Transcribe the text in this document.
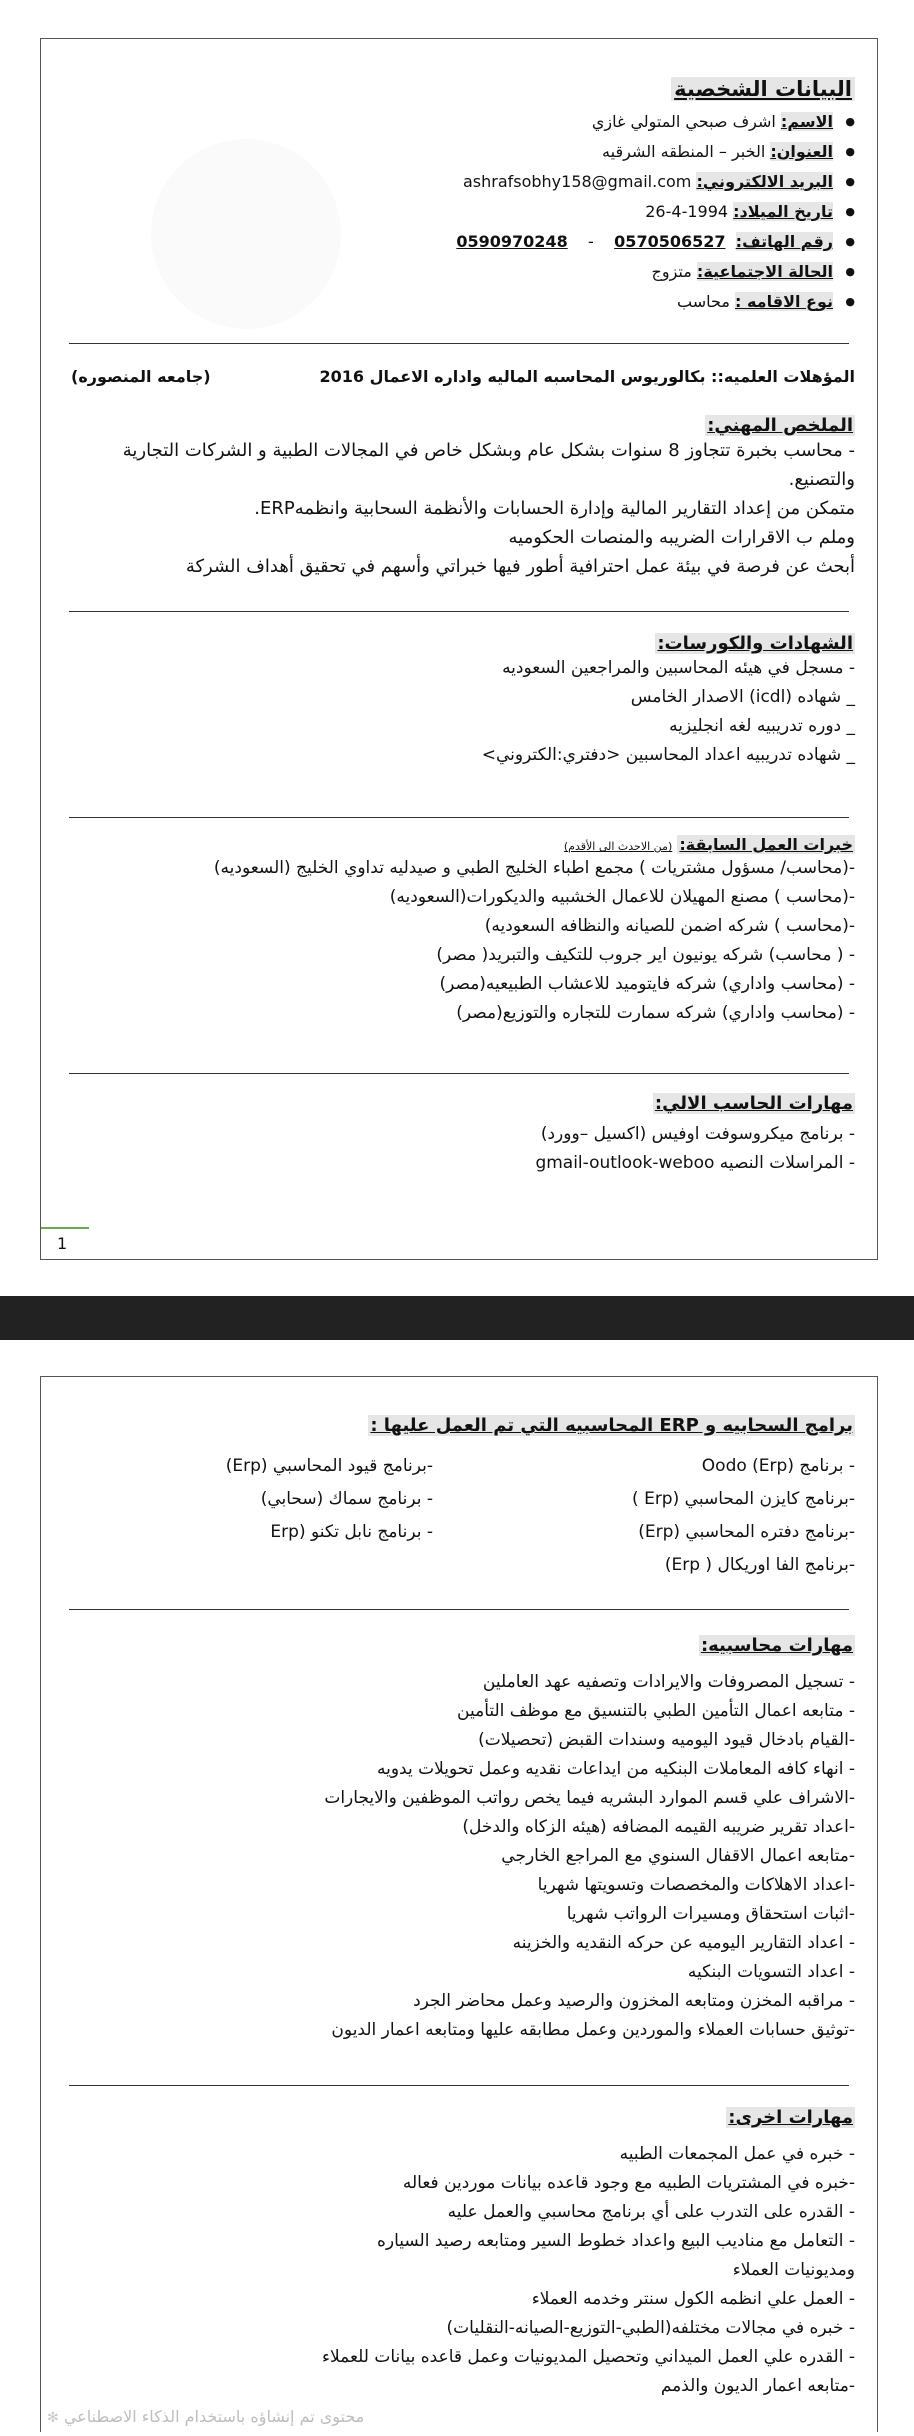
البيانات الشخصية
● الاسم: اشرف صبحي المتولي غازي
● العنوان: الخبر – المنطقه الشرقيه
● البريد الالكتروني: ashrafsobhy158@gmail.com
● تاريخ الميلاد: 1994-4-26
● رقم الهاتف:  0570506527    -    0590970248
● الحالة الاجتماعية: متزوج
● نوع الاقامه : محاسب
المؤهلات العلميه:: بكالوريوس المحاسبه الماليه واداره الاعمال 2016
(جامعه المنصوره)
الملخص المهني:
- محاسب بخبرة تتجاوز 8 سنوات بشكل عام وبشكل خاص في المجالات الطبية و الشركات التجارية والتصنيع.
متمكن من إعداد التقارير المالية وإدارة الحسابات والأنظمة السحابية وانظمهERP.
وملم ب الاقرارات الضريبه والمنصات الحكوميه
أبحث عن فرصة في بيئة عمل احترافية أطور فيها خبراتي وأسهم في تحقيق أهداف الشركة
الشهادات والكورسات:
- مسجل في هيئه المحاسبين والمراجعين السعوديه
_ شهاده (icdl) الاصدار الخامس
_ دوره تدريبيه لغه انجليزيه
_ شهاده تدريبيه اعداد المحاسبين <دفتري:الكتروني>
خبرات العمل السابقة: (من الاحدث الى الأقدم)
-(محاسب/ مسؤول مشتريات ) مجمع اطباء الخليج الطبي و صيدليه تداوي الخليج (السعوديه)
-(محاسب ) مصنع المهيلان للاعمال الخشبيه والديكورات(السعوديه)
-(محاسب ) شركه اضمن للصيانه والنظافه السعوديه)
- ( محاسب) شركه يونيون اير جروب للتكيف والتبريد( مصر)
- (محاسب واداري) شركه فايتوميد للاعشاب الطبيعيه(مصر)
- (محاسب واداري) شركه سمارت للتجاره والتوزيع(مصر)
مهارات الحاسب الالي:
- برنامج ميكروسوفت اوفيس (اكسيل –وورد)
- المراسلات النصيه gmail-outlook-weboo
1
برامج السحابيه و ERP المحاسبيه التي تم العمل عليها :
- برنامج Oodo (Erp)
-برنامج قيود المحاسبي (Erp)
-برنامج كايزن المحاسبي (Erp )
- برنامج سماك (سحابي)
-برنامج دفتره المحاسبي (Erp)
- برنامج نابل تكنو (Erp
-برنامج الفا اوريكال ( Erp)
مهارات محاسبيه:
- تسجيل المصروفات والايرادات وتصفيه عهد العاملين
- متابعه اعمال التأمين الطبي بالتنسيق مع موظف التأمين
-القيام بادخال قيود اليوميه وسندات القبض (تحصيلات)
- انهاء كافه المعاملات البنكيه من ايداعات نقديه وعمل تحويلات يدويه
-الاشراف علي قسم الموارد البشريه فيما يخص رواتب الموظفين والايجارات
-اعداد تقرير ضريبه القيمه المضافه (هيئه الزكاه والدخل)
-متابعه اعمال الاقفال السنوي مع المراجع الخارجي
-اعداد الاهلاكات والمخصصات وتسويتها شهريا
-اثبات استحقاق ومسيرات الرواتب شهريا
- اعداد التقارير اليوميه عن حركه النقديه والخزينه
- اعداد التسويات البنكيه
- مراقبه المخزن ومتابعه المخزون والرصيد وعمل محاضر الجرد
-توثيق حسابات العملاء والموردين وعمل مطابقه عليها ومتابعه اعمار الديون
مهارات اخرى:
- خبره في عمل المجمعات الطبيه
-خبره في المشتريات الطبيه مع وجود قاعده بيانات موردين فعاله
- القدره على التدرب على أي برنامج محاسبي والعمل عليه
- التعامل مع مناديب البيع واعداد خطوط السير ومتابعه رصيد السياره
ومديونيات العملاء
- العمل علي انظمه الكول سنتر وخدمه العملاء
- خبره في مجالات مختلفه(الطبي-التوزيع-الصيانه-النقليات)
- القدره علي العمل الميداني وتحصيل المديونيات وعمل قاعده بيانات للعملاء
-متابعه اعمار الديون والذمم
محتوى تم إنشاؤه باستخدام الذكاء الاصطناعي ✻
